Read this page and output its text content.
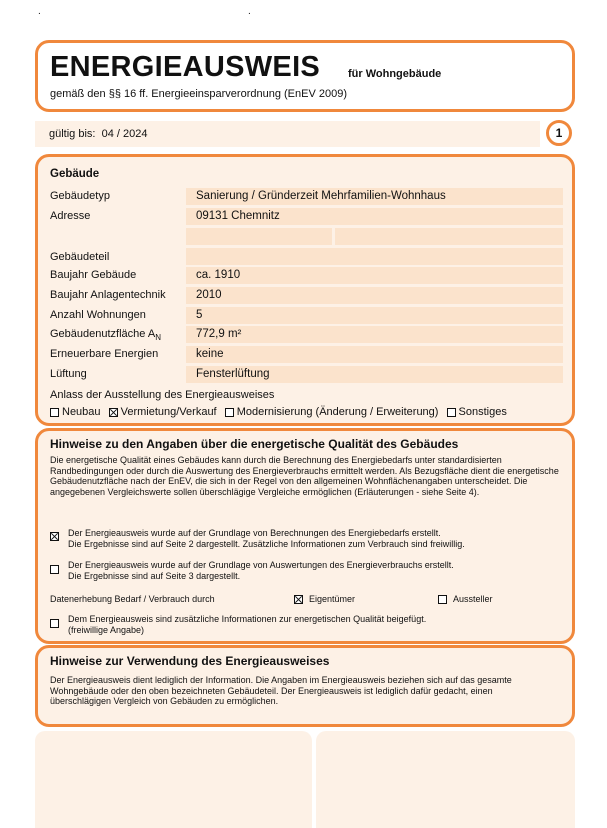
.	.
ENERGIEAUSWEIS	für Wohngebäude
gemäß den §§ 16 ff. Energieeinsparverordnung (EnEV 2009)
gültig bis: 04 / 2024	1
Gebäude
Gebäudetyp	Sanierung / Gründerzeit Mehrfamilien-Wohnhaus
Adresse	09131 Chemnitz
Gebäudeteil
Baujahr Gebäude	ca. 1910
Baujahr Anlagentechnik	2010
Anzahl Wohnungen	5
Gebäudenutzfläche $A_N$	772,9 m²
Erneuerbare Energien	keine
Lüftung	Fensterlüftung
Anlass der Ausstellung des Energieausweises
Neubau Vermietung/Verkauf Modernisierung (Änderung / Erweiterung) Sonstiges
Hinweise zu den Angaben über die energetische Qualität des Gebäudes
Die energetische Qualität eines Gebäudes kann durch die Berechnung des Energiebedarfs unter standardisierten Randbedingungen oder durch die Auswertung des Energieverbrauchs ermittelt werden. Als Bezugsfläche dient die energetische Gebäudenutzfläche nach der EnEV, die sich in der Regel von den allgemeinen Wohnflächenangaben unterscheidet. Die angegebenen Vergleichswerte sollen überschlägige Vergleiche ermöglichen (Erläuterungen - siehe Seite 4).
Der Energieausweis wurde auf der Grundlage von Berechnungen des Energiebedarfs erstellt.
Die Ergebnisse sind auf Seite 2 dargestellt. Zusätzliche Informationen zum Verbrauch sind freiwillig.
Der Energieausweis wurde auf der Grundlage von Auswertungen des Energieverbrauchs erstellt.
Die Ergebnisse sind auf Seite 3 dargestellt.
Datenerhebung Bedarf / Verbrauch durch	Eigentümer	Aussteller
Dem Energieausweis sind zusätzliche Informationen zur energetischen Qualität beigefügt.
(freiwillige Angabe)
Hinweise zur Verwendung des Energieausweises
Der Energieausweis dient lediglich der Information. Die Angaben im Energieausweis beziehen sich auf das gesamte Wohngebäude oder den oben bezeichneten Gebäudeteil. Der Energieausweis ist lediglich dafür gedacht, einen überschlägigen Vergleich von Gebäuden zu ermöglichen.
